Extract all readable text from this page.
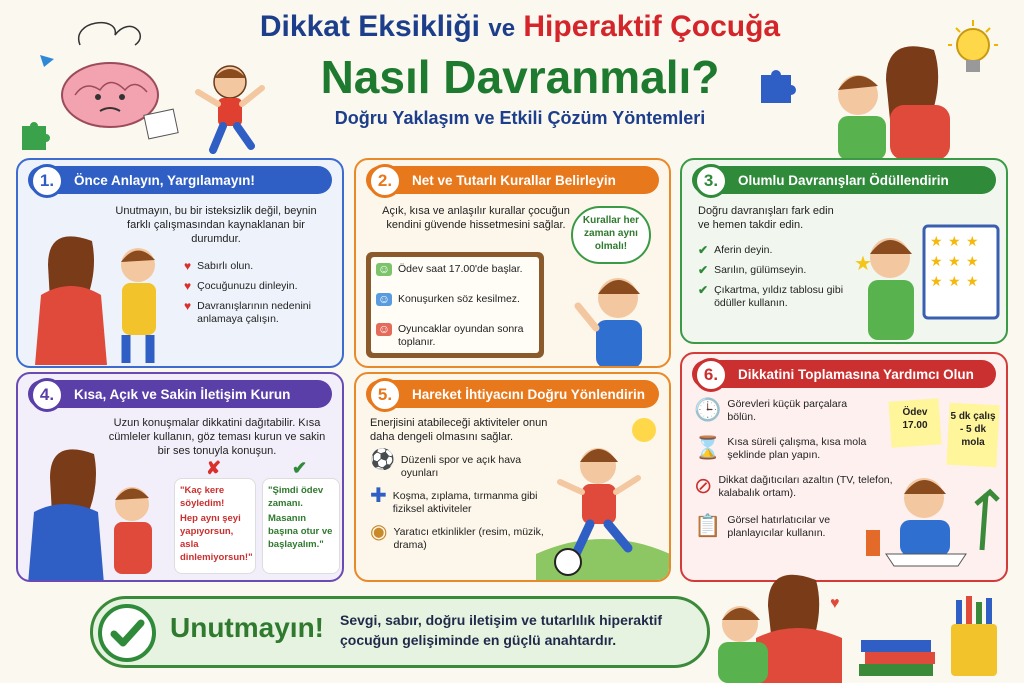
Dikkat Eksikliği ve Hiperaktif Çocuğa
Nasıl Davranmalı?
Doğru Yaklaşım ve Etkili Çözüm Yöntemleri
1.	Önce Anlayın, Yargılamayın!
Unutmayın, bu bir isteksizlik değil, beynin farklı çalışmasından kaynaklanan bir durumdur.
♥ Sabırlı olun.
♥ Çocuğunuzu dinleyin.
♥ Davranışlarının nedenini anlamaya çalışın.
2.	Net ve Tutarlı Kurallar Belirleyin
Açık, kısa ve anlaşılır kurallar çocuğun kendini güvende hissetmesini sağlar.
☺ Ödev saat 17.00'de başlar.
☺ Konuşurken söz kesilmez.
☺ Oyuncaklar oyundan sonra toplanır.
Kurallar her zaman aynı olmalı!
3.	Olumlu Davranışları Ödüllendirin
Doğru davranışları fark edin ve hemen takdir edin.
✔ Aferin deyin.
✔ Sarılın, gülümseyin.
✔ Çıkartma, yıldız tablosu gibi ödüller kullanın.
★
★ ★ ★
★ ★ ★
★ ★ ★
4.	Kısa, Açık ve Sakin İletişim Kurun
Uzun konuşmalar dikkatini dağıtabilir. Kısa cümleler kullanın, göz teması kurun ve sakin bir ses tonuyla konuşun.
✘
"Kaç kere söyledim!
Hep aynı şeyi yapıyorsun, asla dinlemiyorsun!"
✔
"Şimdi ödev zamanı.
Masanın başına otur ve başlayalım."
5.	Hareket İhtiyacını Doğru Yönlendirin
Enerjisini atabileceği aktiviteler onun daha dengeli olmasını sağlar.
⚽ Düzenli spor ve açık hava oyunları
✚ Koşma, zıplama, tırmanma gibi fiziksel aktiviteler
◉ Yaratıcı etkinlikler (resim, müzik, drama)
6.	Dikkatini Toplamasına Yardımcı Olun
🕒 Görevleri küçük parçalara bölün.
⌛ Kısa süreli çalışma, kısa mola şeklinde plan yapın.
⊘ Dikkat dağıtıcıları azaltın (TV, telefon, kalabalık ortam).
📋 Görsel hatırlatıcılar ve planlayıcılar kullanın.
Ödev 17.00
5 dk çalış - 5 dk mola
Unutmayın! Sevgi, sabır, doğru iletişim ve tutarlılık hiperaktif çocuğun gelişiminde en güçlü anahtardır.
♥
